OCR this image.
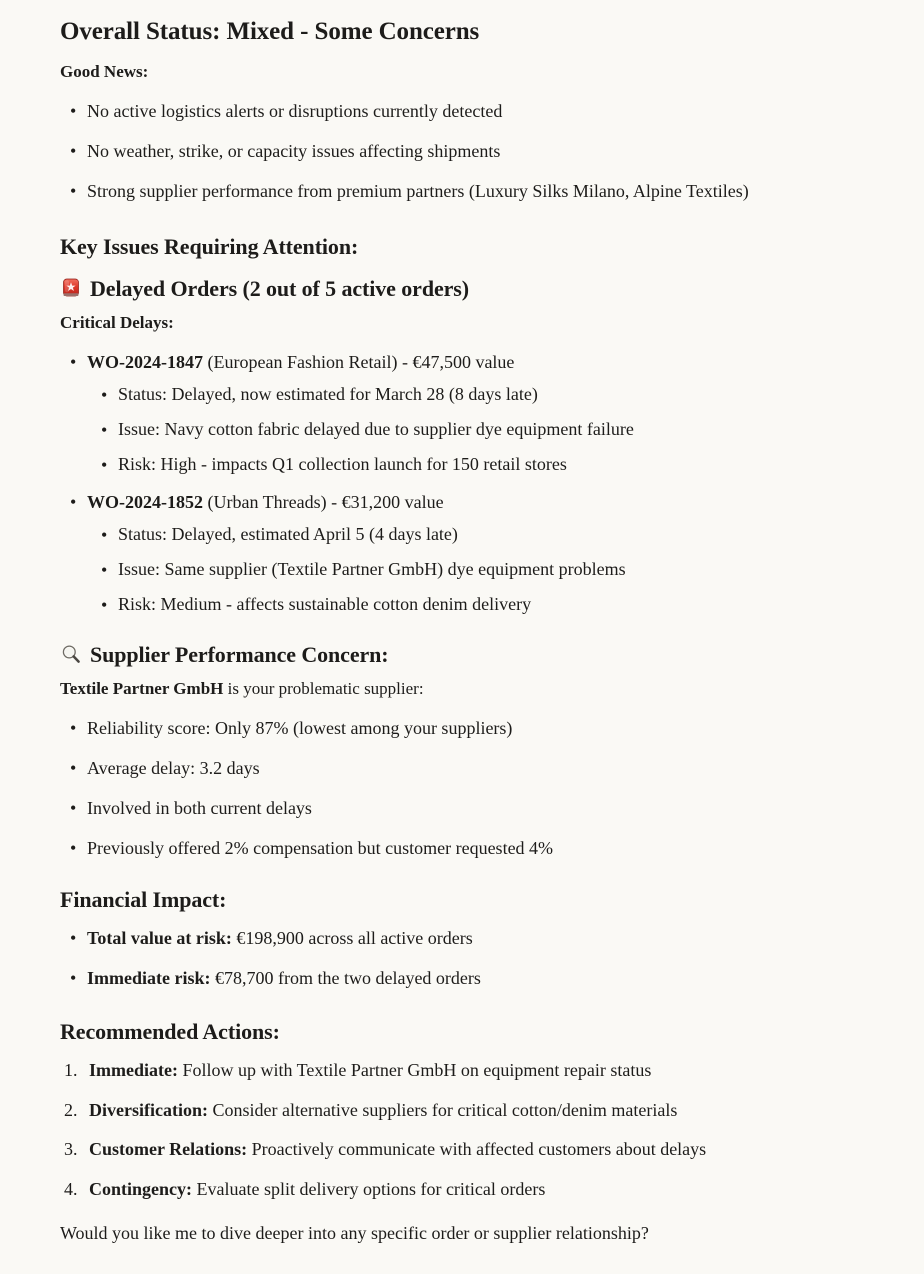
Overall Status: Mixed - Some Concerns

Good News:

• No active logistics alerts or disruptions currently detected
• No weather, strike, or capacity issues affecting shipments
• Strong supplier performance from premium partners (Luxury Silks Milano, Alpine Textiles)
Key Issues Requiring Attention:
Delayed Orders (2 out of 5 active orders)

Critical Delays:

• WO-2024-1847 (European Fashion Retail) - €47,500 value
• Status: Delayed, now estimated for March 28 (8 days late)
• Issue: Navy cotton fabric delayed due to supplier dye equipment failure
• Risk: High - impacts Q1 collection launch for 150 retail stores
• WO-2024-1852 (Urban Threads) - €31,200 value
• Status: Delayed, estimated April 5 (4 days late)
• Issue: Same supplier (Textile Partner GmbH) dye equipment problems
• Risk: Medium - affects sustainable cotton denim delivery
Supplier Performance Concern:

Textile Partner GmbH is your problematic supplier:

• Reliability score: Only 87% (lowest among your suppliers)
• Average delay: 3.2 days
• Involved in both current delays
• Previously offered 2% compensation but customer requested 4%
Financial Impact:
• Total value at risk: €198,900 across all active orders
• Immediate risk: €78,700 from the two delayed orders
Recommended Actions:
Immediate: Follow up with Textile Partner GmbH on equipment repair status
Diversification: Consider alternative suppliers for critical cotton/denim materials
Customer Relations: Proactively communicate with affected customers about delays
Contingency: Evaluate split delivery options for critical orders

Would you like me to dive deeper into any specific order or supplier relationship?
